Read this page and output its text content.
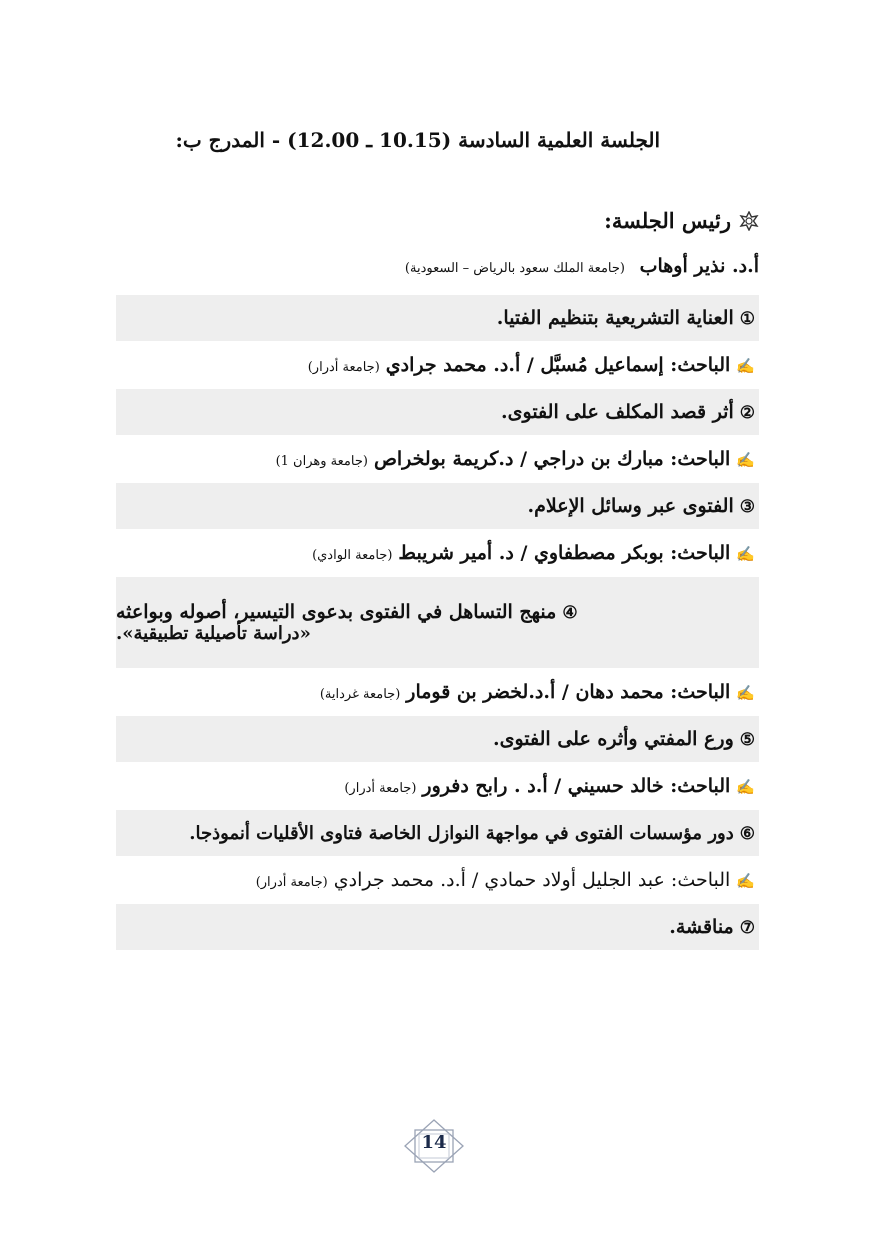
الجلسة العلمية السادسة (10.15 ـ 12.00) - المدرج ب:
رئيس الجلسة:
أ.د. نذير أوهاب (جامعة الملك سعود بالرياض – السعودية)
①العناية التشريعية بتنظيم الفتيا.
✍الباحث: إسماعيل مُسبَّل / أ.د. محمد جرادي(جامعة أدرار)
②أثر قصد المكلف على الفتوى.
✍الباحث: مبارك بن دراجي / د.كريمة بولخراص(جامعة وهران 1)
③الفتوى عبر وسائل الإعلام.
✍الباحث: بوبكر مصطفاوي / د. أمير شريبط(جامعة الوادي)
④منهج التساهل في الفتوى بدعوى التيسير، أصوله وبواعثه
«دراسة تأصيلية تطبيقية».
✍الباحث: محمد دهان / أ.د.لخضر بن قومار(جامعة غرداية)
⑤ورع المفتي وأثره على الفتوى.
✍الباحث: خالد حسيني / أ.د . رابح دفرور(جامعة أدرار)
⑥دور مؤسسات الفتوى في مواجهة النوازل الخاصة فتاوى الأقليات أنموذجا.
✍الباحث: عبد الجليل أولاد حمادي / أ.د. محمد جرادي(جامعة أدرار)
⑦مناقشة.
14
